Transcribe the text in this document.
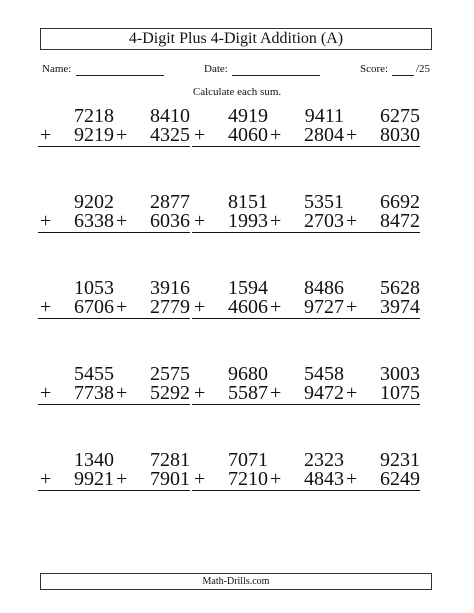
4-Digit Plus 4-Digit Addition (A)
Name:	Date:	Score:	/25
Calculate each sum.
7218
+ 9219
8410
+ 4325
4919
+ 4060
9411
+ 2804
6275
+ 8030
9202
+ 6338
2877
+ 6036
8151
+ 1993
5351
+ 2703
6692
+ 8472
1053
+ 6706
3916
+ 2779
1594
+ 4606
8486
+ 9727
5628
+ 3974
5455
+ 7738
2575
+ 5292
9680
+ 5587
5458
+ 9472
3003
+ 1075
1340
+ 9921
7281
+ 7901
7071
+ 7210
2323
+ 4843
9231
+ 6249
Math-Drills.com
